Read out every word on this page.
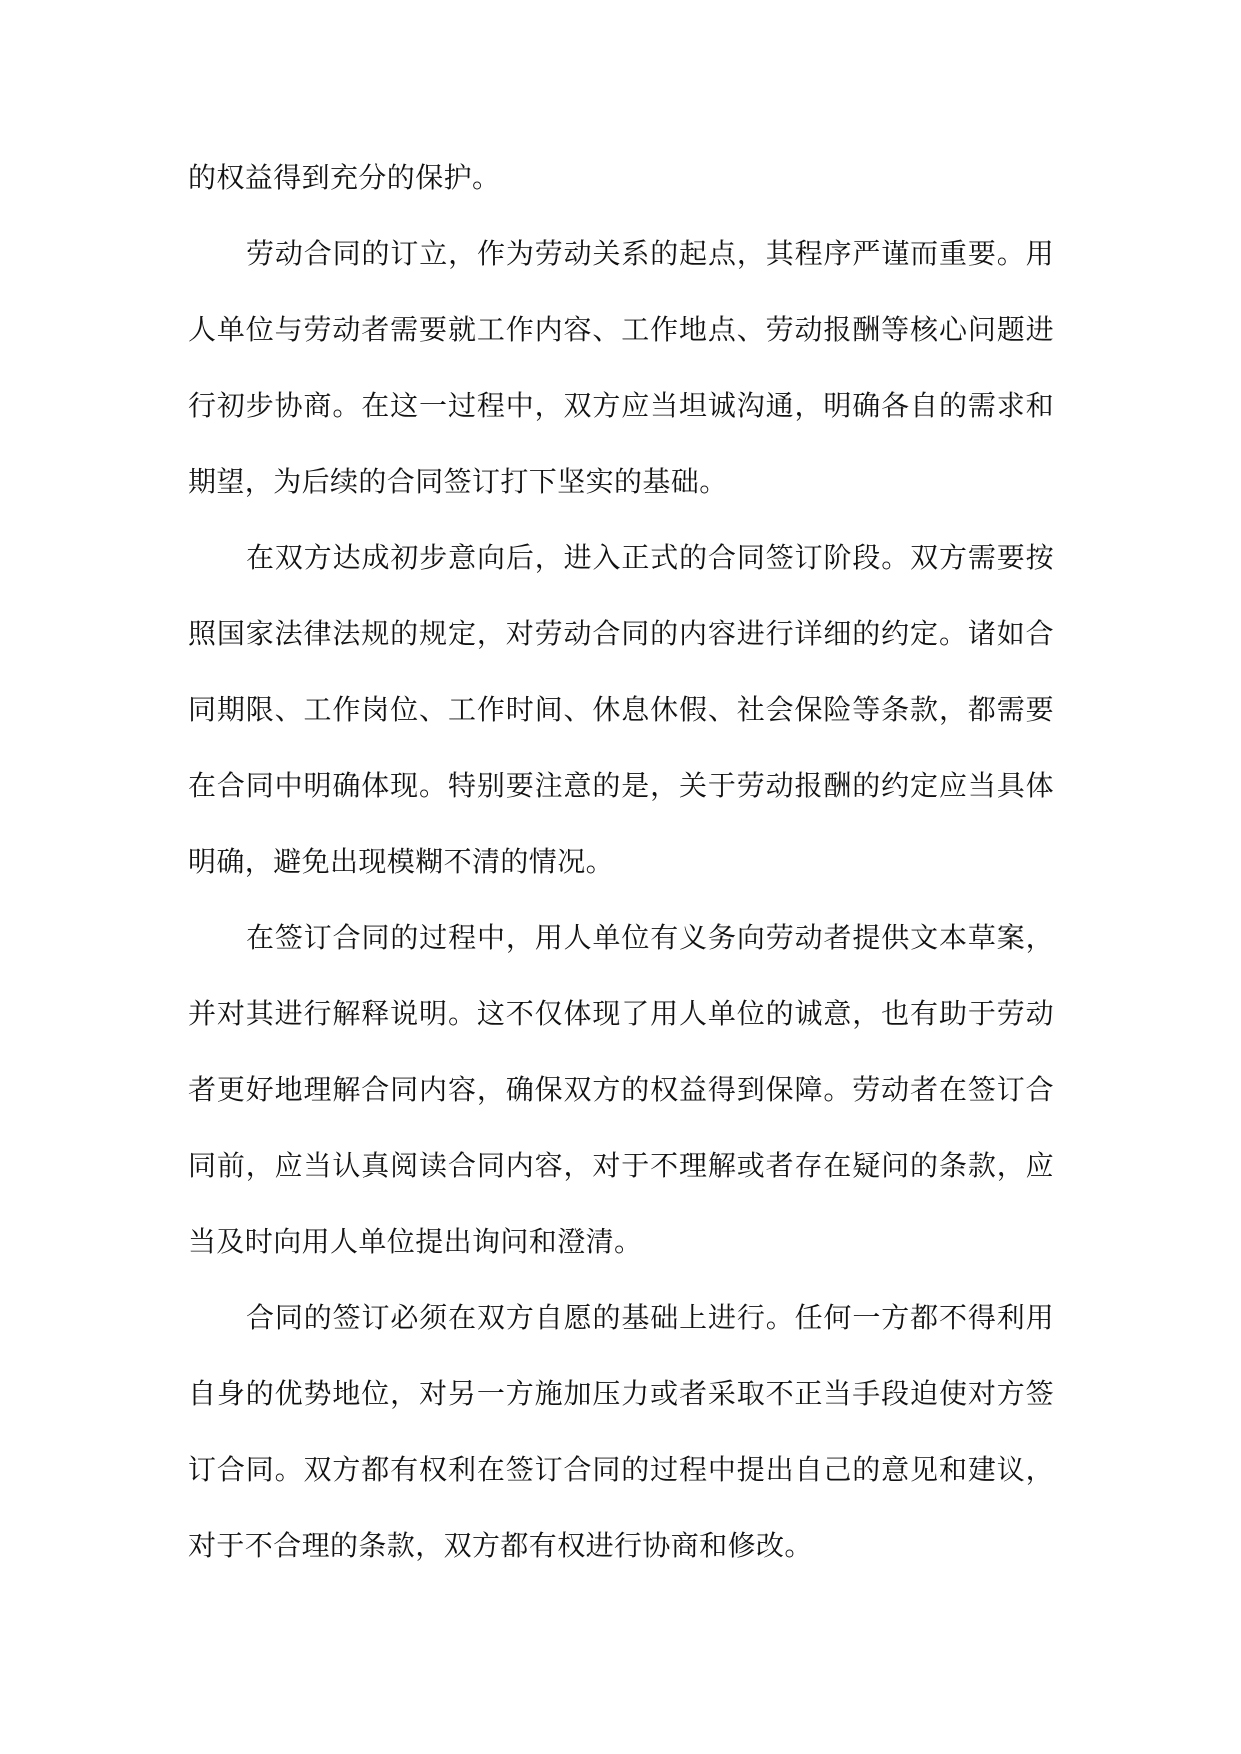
的权益得到充分的保护。

劳动合同的订立，作为劳动关系的起点，其程序严谨而重要。用人单位与劳动者需要就工作内容、工作地点、劳动报酬等核心问题进行初步协商。在这一过程中，双方应当坦诚沟通，明确各自的需求和期望，为后续的合同签订打下坚实的基础。

在双方达成初步意向后，进入正式的合同签订阶段。双方需要按照国家法律法规的规定，对劳动合同的内容进行详细的约定。诸如合同期限、工作岗位、工作时间、休息休假、社会保险等条款，都需要在合同中明确体现。特别要注意的是，关于劳动报酬的约定应当具体明确，避免出现模糊不清的情况。

在签订合同的过程中，用人单位有义务向劳动者提供文本草案，并对其进行解释说明。这不仅体现了用人单位的诚意，也有助于劳动者更好地理解合同内容，确保双方的权益得到保障。劳动者在签订合同前，应当认真阅读合同内容，对于不理解或者存在疑问的条款，应当及时向用人单位提出询问和澄清。

合同的签订必须在双方自愿的基础上进行。任何一方都不得利用自身的优势地位，对另一方施加压力或者采取不正当手段迫使对方签订合同。双方都有权利在签订合同的过程中提出自己的意见和建议，对于不合理的条款，双方都有权进行协商和修改。
